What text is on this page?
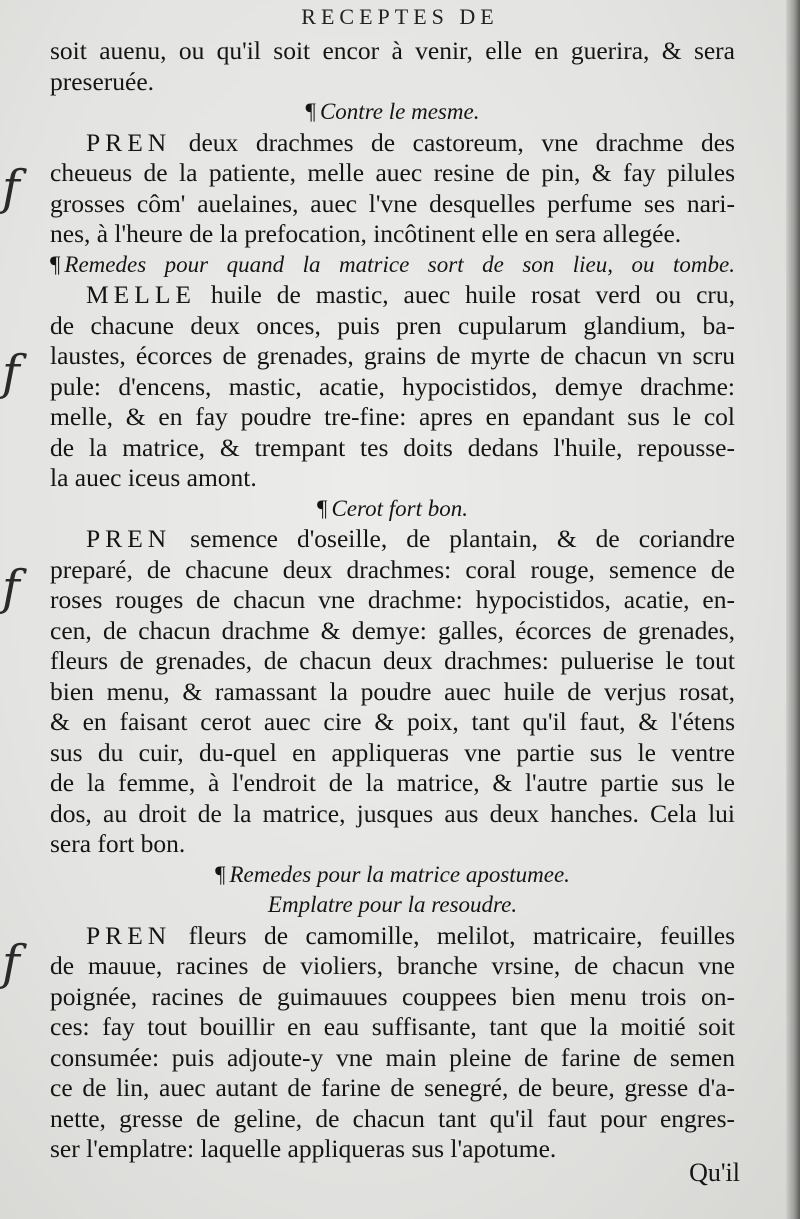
RECEPTES DE
soit auenu, ou qu'il soit encor à venir, elle en guerira, & sera
preseruée.
¶ Contre le mesme.
PREN deux drachmes de castoreum, vne drachme des
cheueus de la patiente, melle auec resine de pin, & fay pilules
grosses côm' auelaines, auec l'vne desquelles perfume ses nari-
nes, à l'heure de la prefocation, incôtinent elle en sera allegée.
¶ Remedes pour quand la matrice sort de son lieu, ou tombe.
MELLE huile de mastic, auec huile rosat verd ou cru,
de chacune deux onces, puis pren cupularum glandium, ba-
laustes, écorces de grenades, grains de myrte de chacun vn scru
pule: d'encens, mastic, acatie, hypocistidos, demye drachme:
melle, & en fay poudre tre-fine: apres en epandant sus le col
de la matrice, & trempant tes doits dedans l'huile, repousse-
la auec iceus amont.
¶ Cerot fort bon.
PREN semence d'oseille, de plantain, & de coriandre
preparé, de chacune deux drachmes: coral rouge, semence de
roses rouges de chacun vne drachme: hypocistidos, acatie, en-
cen, de chacun drachme & demye: galles, écorces de grenades,
fleurs de grenades, de chacun deux drachmes: puluerise le tout
bien menu, & ramassant la poudre auec huile de verjus rosat,
& en faisant cerot auec cire & poix, tant qu'il faut, & l'étens
sus du cuir, du-quel en appliqueras vne partie sus le ventre
de la femme, à l'endroit de la matrice, & l'autre partie sus le
dos, au droit de la matrice, jusques aus deux hanches. Cela lui
sera fort bon.
¶ Remedes pour la matrice apostumee.
Emplatre pour la resoudre.
PREN fleurs de camomille, melilot, matricaire, feuilles
de mauue, racines de violiers, branche vrsine, de chacun vne
poignée, racines de guimauues couppees bien menu trois on-
ces: fay tout bouillir en eau suffisante, tant que la moitié soit
consumée: puis adjoute-y vne main pleine de farine de semen
ce de lin, auec autant de farine de senegré, de beure, gresse d'a-
nette, gresse de geline, de chacun tant qu'il faut pour engres-
ser l'emplatre: laquelle appliqueras sus l'apotume.
Qu'il
f
f
f
f
